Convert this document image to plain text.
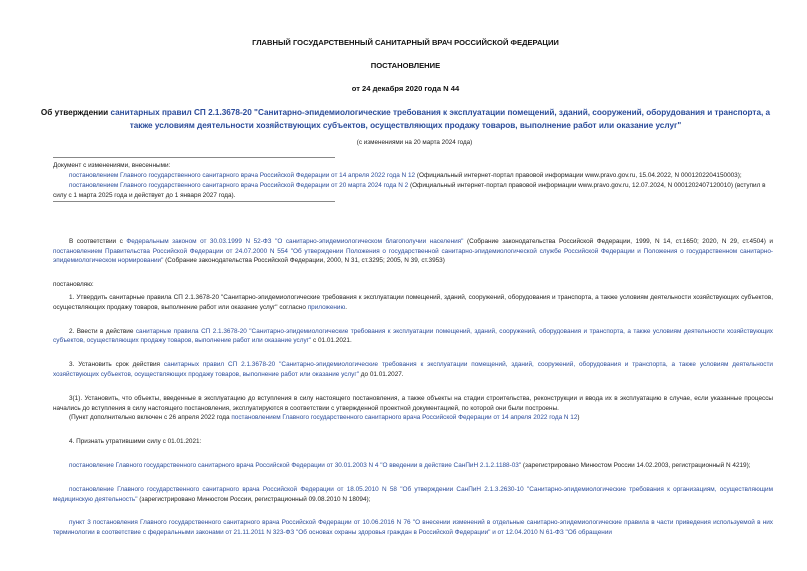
ГЛАВНЫЙ ГОСУДАРСТВЕННЫЙ САНИТАРНЫЙ ВРАЧ РОССИЙСКОЙ ФЕДЕРАЦИИ
ПОСТАНОВЛЕНИЕ
от 24 декабря 2020 года N 44
Об утверждении санитарных правил СП 2.1.3678-20 "Санитарно-эпидемиологические требования к эксплуатации помещений, зданий, сооружений, оборудования и транспорта, а также условиям деятельности хозяйствующих субъектов, осуществляющих продажу товаров, выполнение работ или оказание услуг"
(с изменениями на 20 марта 2024 года)

Документ с изменениями, внесенными:

постановлением Главного государственного санитарного врача Российской Федерации от 14 апреля 2022 года N 12 (Официальный интернет-портал правовой информации www.pravo.gov.ru, 15.04.2022, N 0001202204150003);

постановлением Главного государственного санитарного врача Российской Федерации от 20 марта 2024 года N 2 (Официальный интернет-портал правовой информации www.pravo.gov.ru, 12.07.2024, N 0001202407120010) (вступил в силу с 1 марта 2025 года и действует до 1 января 2027 года).

В соответствии с Федеральным законом от 30.03.1999 N 52-ФЗ "О санитарно-эпидемиологическом благополучии населения" (Собрание законодательства Российской Федерации, 1999, N 14, ст.1650; 2020, N 29, ст.4504) и постановлением Правительства Российской Федерации от 24.07.2000 N 554 "Об утверждении Положения о государственной санитарно-эпидемиологической службе Российской Федерации и Положения о государственном санитарно-эпидемиологическом нормировании" (Собрание законодательства Российской Федерации, 2000, N 31, ст.3295; 2005, N 39, ст.3953)

постановляю:

1. Утвердить санитарные правила СП 2.1.3678-20 "Санитарно-эпидемиологические требования к эксплуатации помещений, зданий, сооружений, оборудования и транспорта, а также условиям деятельности хозяйствующих субъектов, осуществляющих продажу товаров, выполнение работ или оказание услуг" согласно приложению.

2. Ввести в действие санитарные правила СП 2.1.3678-20 "Санитарно-эпидемиологические требования к эксплуатации помещений, зданий, сооружений, оборудования и транспорта, а также условиям деятельности хозяйствующих субъектов, осуществляющих продажу товаров, выполнение работ или оказание услуг" с 01.01.2021.

3. Установить срок действия санитарных правил СП 2.1.3678-20 "Санитарно-эпидемиологические требования к эксплуатации помещений, зданий, сооружений, оборудования и транспорта, а также условиям деятельности хозяйствующих субъектов, осуществляющих продажу товаров, выполнение работ или оказание услуг" до 01.01.2027.

3(1). Установить, что объекты, введенные в эксплуатацию до вступления в силу настоящего постановления, а также объекты на стадии строительства, реконструкции и ввода их в эксплуатацию в случае, если указанные процессы начались до вступления в силу настоящего постановления, эксплуатируются в соответствии с утвержденной проектной документацией, по которой они были построены.

(Пункт дополнительно включен с 26 апреля 2022 года постановлением Главного государственного санитарного врача Российской Федерации от 14 апреля 2022 года N 12)

4. Признать утратившими силу с 01.01.2021:

постановление Главного государственного санитарного врача Российской Федерации от 30.01.2003 N 4 "О введении в действие СанПиН 2.1.2.1188-03" (зарегистрировано Минюстом России 14.02.2003, регистрационный N 4219);

постановление Главного государственного санитарного врача Российской Федерации от 18.05.2010 N 58 "Об утверждении СанПиН 2.1.3.2630-10 "Санитарно-эпидемиологические требования к организациям, осуществляющим медицинскую деятельность" (зарегистрировано Минюстом России, регистрационный 09.08.2010 N 18094);

пункт 3 постановления Главного государственного санитарного врача Российской Федерации от 10.06.2016 N 76 "О внесении изменений в отдельные санитарно-эпидемиологические правила в части приведения используемой в них терминологии в соответствие с федеральными законами от 21.11.2011 N 323-ФЗ "Об основах охраны здоровья граждан в Российской Федерации" и от 12.04.2010 N 61-ФЗ "Об обращении
